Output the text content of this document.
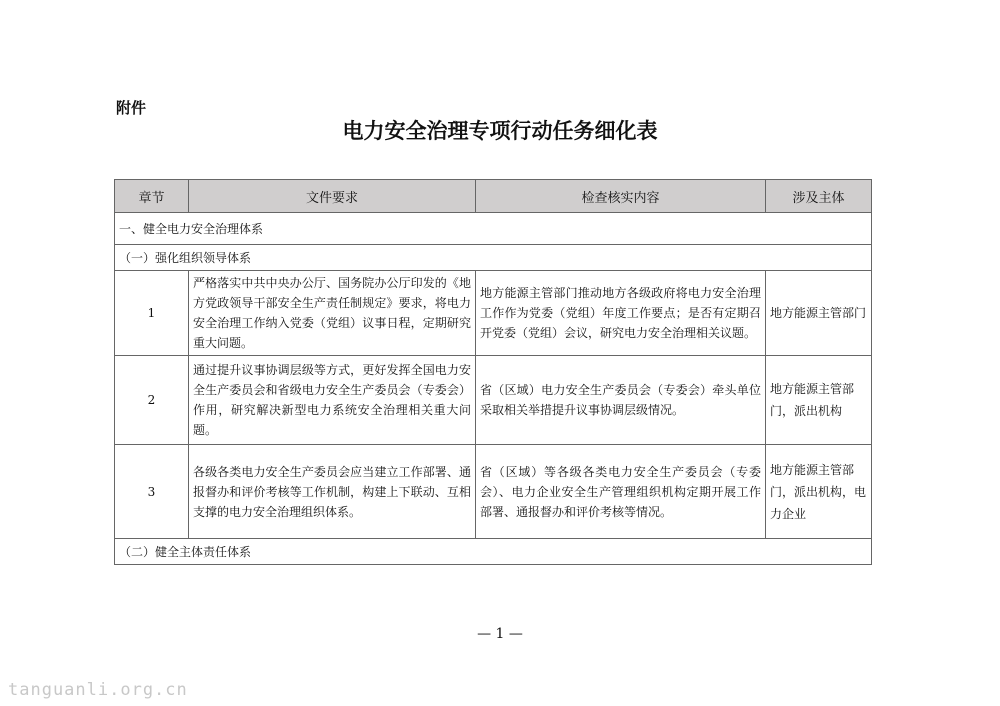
附件
电力安全治理专项行动任务细化表
章节	文件要求	检查核实内容	涉及主体
一、健全电力安全治理体系			
（一）强化组织领导体系			
1	严格落实中共中央办公厅、国务院办公厅印发的《地方党政领导干部安全生产责任制规定》要求，将电力安全治理工作纳入党委（党组）议事日程，定期研究重大问题。	地方能源主管部门推动地方各级政府将电力安全治理工作作为党委（党组）年度工作要点；是否有定期召开党委（党组）会议，研究电力安全治理相关议题。	地方能源主管部门
2	通过提升议事协调层级等方式，更好发挥全国电力安全生产委员会和省级电力安全生产委员会（专委会）作用，研究解决新型电力系统安全治理相关重大问题。	省（区域）电力安全生产委员会（专委会）牵头单位采取相关举措提升议事协调层级情况。	地方能源主管部门，派出机构
3	各级各类电力安全生产委员会应当建立工作部署、通报督办和评价考核等工作机制，构建上下联动、互相支撑的电力安全治理组织体系。	省（区域）等各级各类电力安全生产委员会（专委会）、电力企业安全生产管理组织机构定期开展工作部署、通报督办和评价考核等情况。	地方能源主管部门，派出机构，电力企业
（二）健全主体责任体系			
— 1 —
tanguanli.org.cn
